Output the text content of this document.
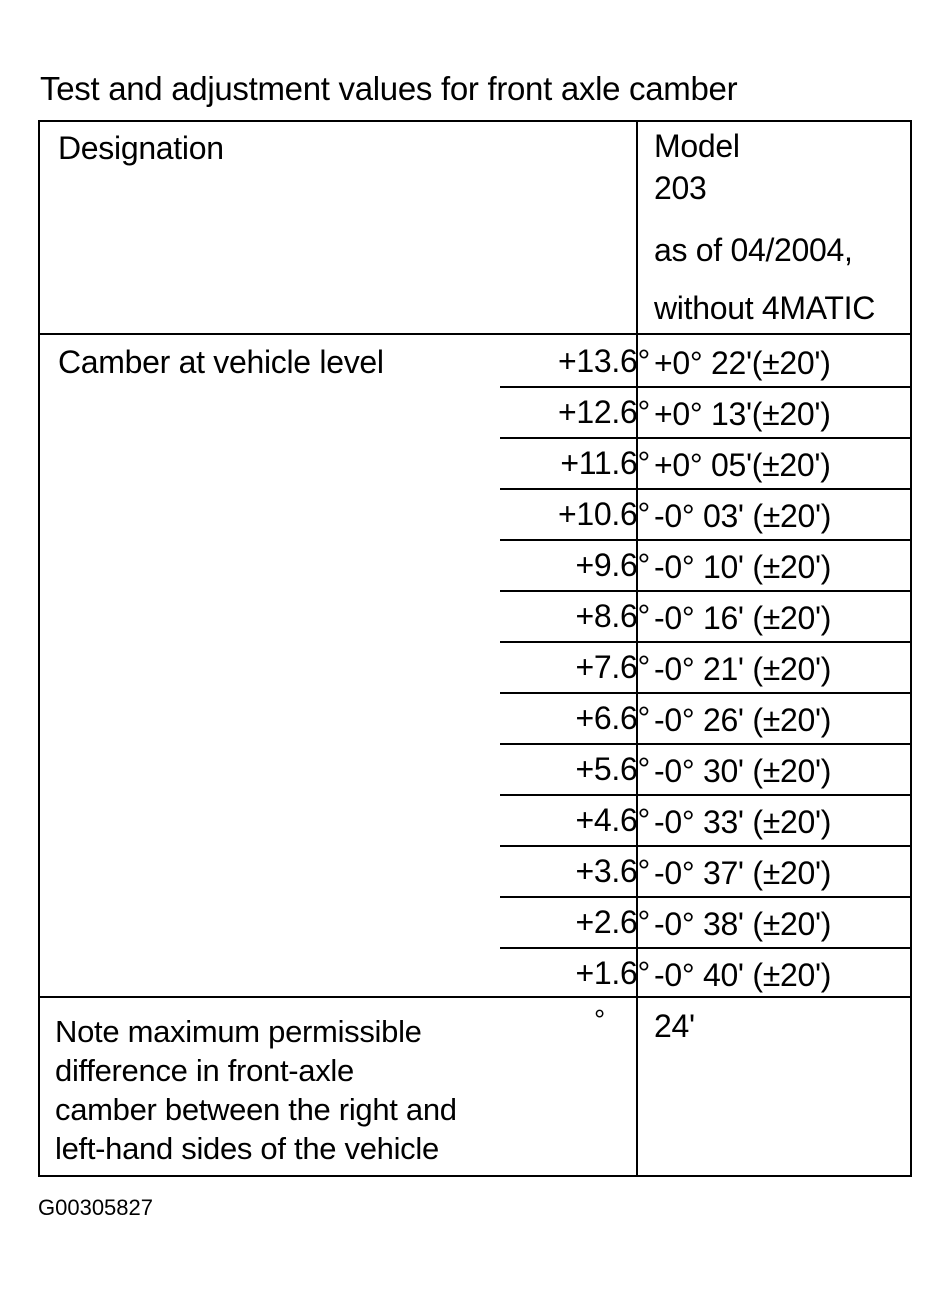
Test and adjustment values for front axle camber
Designation	Model
203
as of 04/2004,
without 4MATIC
Camber at vehicle level	+13.6° +0° 22'(±20')
+12.6° +0° 13'(±20')
+11.6° +0° 05'(±20')
+10.6° -0° 03' (±20')
+9.6° -0° 10' (±20')
+8.6° -0° 16' (±20')
+7.6° -0° 21' (±20')
+6.6° -0° 26' (±20')
+5.6° -0° 30' (±20')
+4.6° -0° 33' (±20')
+3.6° -0° 37' (±20')
+2.6° -0° 38' (±20')
+1.6° -0° 40' (±20')
Note maximum permissible
difference in front-axle
camber between the right and
left-hand sides of the vehicle
° 24'
G00305827
